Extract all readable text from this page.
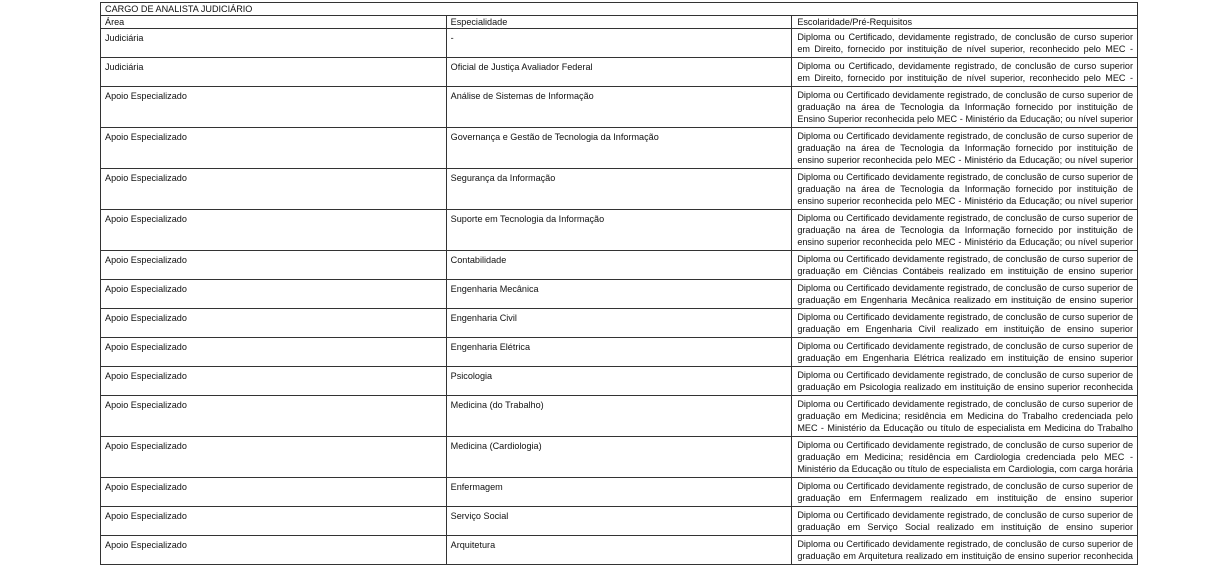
CARGO DE ANALISTA JUDICIÁRIO		
Área	Especialidade	Escolaridade/Pré-Requisitos
Judiciária	-	Diploma ou Certificado, devidamente registrado, de conclusão de curso superior em Direito, fornecido por instituição de nível superior, reconhecido pelo MEC -

Judiciária	Oficial de Justiça Avaliador Federal	Diploma ou Certificado, devidamente registrado, de conclusão de curso superior em Direito, fornecido por instituição de nível superior, reconhecido pelo MEC -

Apoio Especializado	Análise de Sistemas de Informação	Diploma ou Certificado devidamente registrado, de conclusão de curso superior de graduação na área de Tecnologia da Informação fornecido por instituição de Ensino Superior reconhecida pelo MEC - Ministério da Educação; ou nível superior

Apoio Especializado	Governança e Gestão de Tecnologia da Informação	Diploma ou Certificado devidamente registrado, de conclusão de curso superior de graduação na área de Tecnologia da Informação fornecido por instituição de ensino superior reconhecida pelo MEC - Ministério da Educação; ou nível superior

Apoio Especializado	Segurança da Informação	Diploma ou Certificado devidamente registrado, de conclusão de curso superior de graduação na área de Tecnologia da Informação fornecido por instituição de ensino superior reconhecida pelo MEC - Ministério da Educação; ou nível superior

Apoio Especializado	Suporte em Tecnologia da Informação	Diploma ou Certificado devidamente registrado, de conclusão de curso superior de graduação na área de Tecnologia da Informação fornecido por instituição de ensino superior reconhecida pelo MEC - Ministério da Educação; ou nível superior

Apoio Especializado	Contabilidade	Diploma ou Certificado devidamente registrado, de conclusão de curso superior de graduação em Ciências Contábeis realizado em instituição de ensino superior

Apoio Especializado	Engenharia Mecânica	Diploma ou Certificado devidamente registrado, de conclusão de curso superior de graduação em Engenharia Mecânica realizado em instituição de ensino superior

Apoio Especializado	Engenharia Civil	Diploma ou Certificado devidamente registrado, de conclusão de curso superior de graduação em Engenharia Civil realizado em instituição de ensino superior

Apoio Especializado	Engenharia Elétrica	Diploma ou Certificado devidamente registrado, de conclusão de curso superior de graduação em Engenharia Elétrica realizado em instituição de ensino superior

Apoio Especializado	Psicologia	Diploma ou Certificado devidamente registrado, de conclusão de curso superior de graduação em Psicologia realizado em instituição de ensino superior reconhecida

Apoio Especializado	Medicina (do Trabalho)	Diploma ou Certificado devidamente registrado, de conclusão de curso superior de graduação em Medicina; residência em Medicina do Trabalho credenciada pelo MEC - Ministério da Educação ou título de especialista em Medicina do Trabalho

Apoio Especializado	Medicina (Cardiologia)	Diploma ou Certificado devidamente registrado, de conclusão de curso superior de graduação em Medicina; residência em Cardiologia credenciada pelo MEC - Ministério da Educação ou título de especialista em Cardiologia, com carga horária

Apoio Especializado	Enfermagem	Diploma ou Certificado devidamente registrado, de conclusão de curso superior de graduação em Enfermagem realizado em instituição de ensino superior

Apoio Especializado	Serviço Social	Diploma ou Certificado devidamente registrado, de conclusão de curso superior de graduação em Serviço Social realizado em instituição de ensino superior

Apoio Especializado	Arquitetura	Diploma ou Certificado devidamente registrado, de conclusão de curso superior de graduação em Arquitetura realizado em instituição de ensino superior reconhecida
